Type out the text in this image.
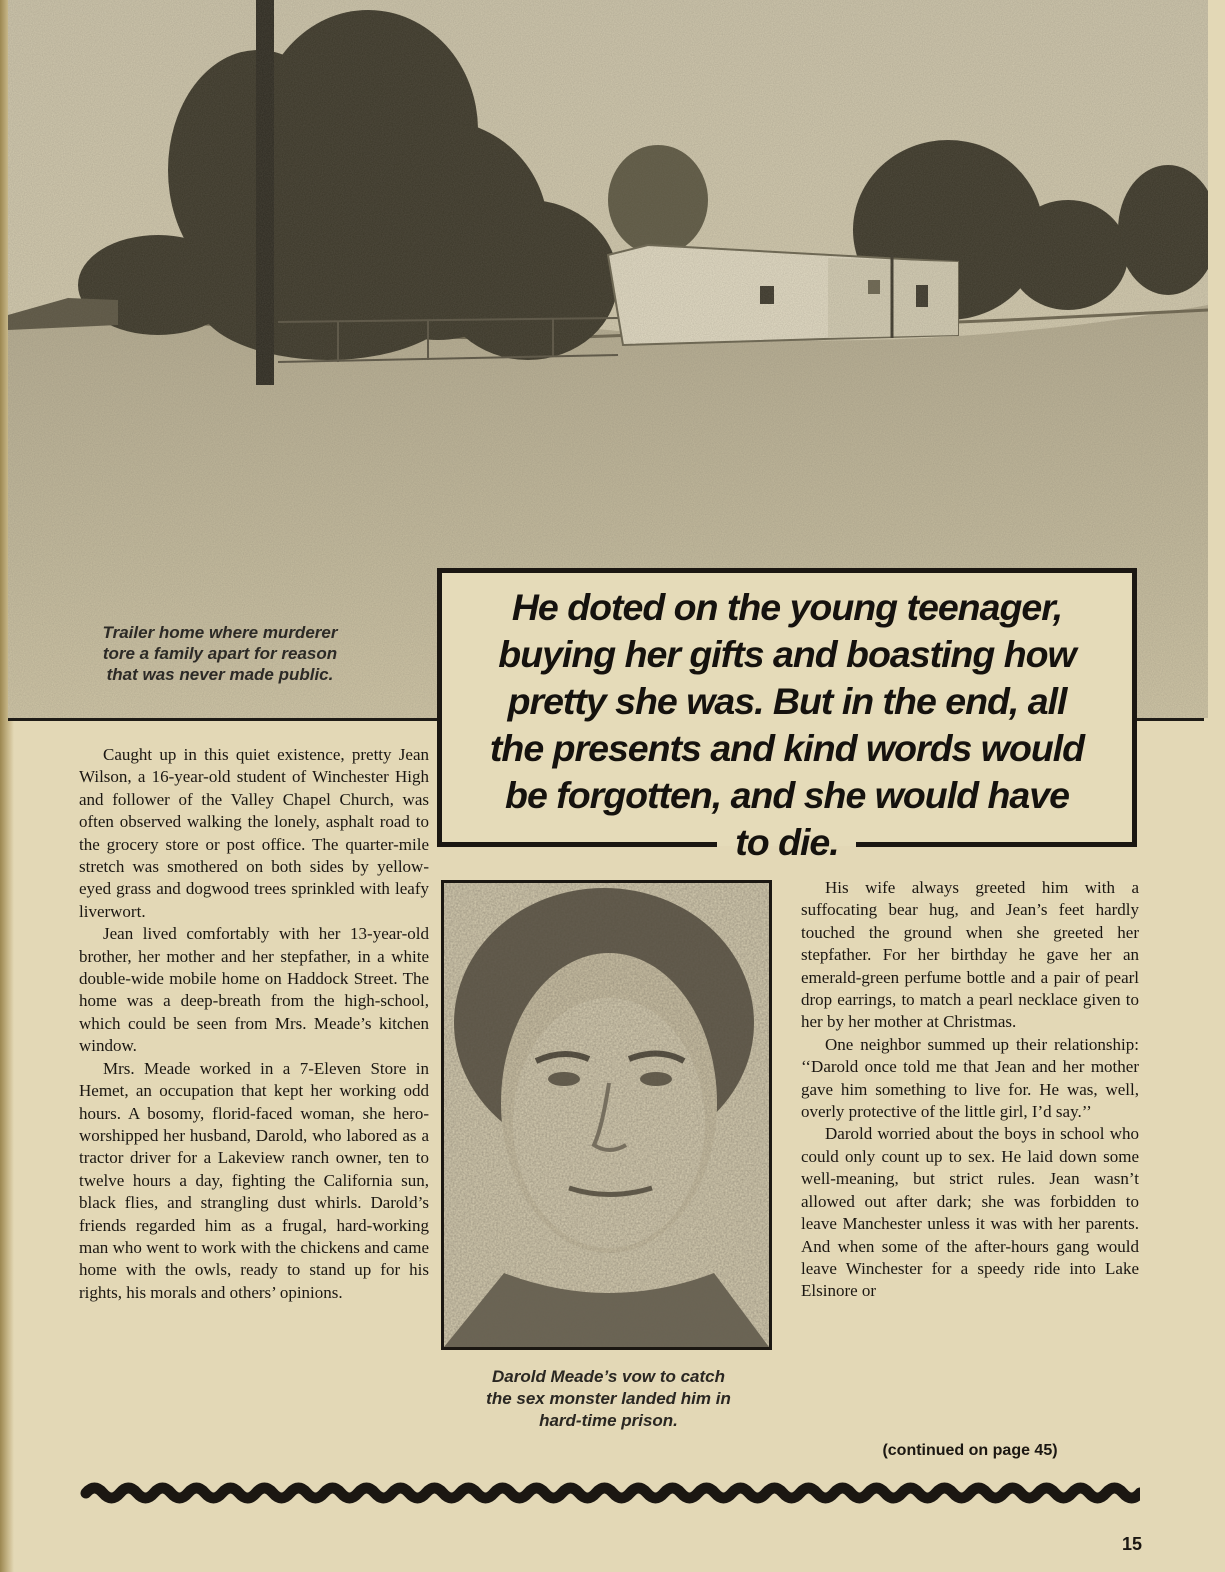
Trailer home where murderer
tore a family apart for reason
that was never made public.
He doted on the young teenager,
buying her gifts and boasting how
pretty she was. But in the end, all
the presents and kind words would
be forgotten, and she would have
to die.

Caught up in this quiet existence, pretty Jean Wilson, a 16-year-old student of Winchester High and follower of the Valley Chapel Church, was often observed walking the lonely, asphalt road to the grocery store or post office. The quarter-mile stretch was smothered on both sides by yellow-eyed grass and dogwood trees sprinkled with leafy liverwort.

Jean lived comfortably with her 13-year-old brother, her mother and her stepfather, in a white double-wide mobile home on Haddock Street. The home was a deep-breath from the high-school, which could be seen from Mrs. Meade’s kitchen window.

Mrs. Meade worked in a 7-Eleven Store in Hemet, an occupation that kept her working odd hours. A bosomy, florid-faced woman, she hero-worshipped her husband, Darold, who labored as a tractor driver for a Lakeview ranch owner, ten to twelve hours a day, fighting the California sun, black flies, and strangling dust whirls. Darold’s friends regarded him as a frugal, hard-working man who went to work with the chickens and came home with the owls, ready to stand up for his rights, his morals and others’ opinions.

Darold Meade’s vow to catch
the sex monster landed him in
hard-time prison.

His wife always greeted him with a suffocating bear hug, and Jean’s feet hardly touched the ground when she greeted her stepfather. For her birthday he gave her an emerald-green perfume bottle and a pair of pearl drop earrings, to match a pearl necklace given to her by her mother at Christmas.

One neighbor summed up their relationship: ‘‘Darold once told me that Jean and her mother gave him something to live for. He was, well, overly protective of the little girl, I’d say.’’

Darold worried about the boys in school who could only count up to sex. He laid down some well-meaning, but strict rules. Jean wasn’t allowed out after dark; she was forbidden to leave Manchester unless it was with her parents. And when some of the after-hours gang would leave Winchester for a speedy ride into Lake Elsinore or

(continued on page 45)
15
